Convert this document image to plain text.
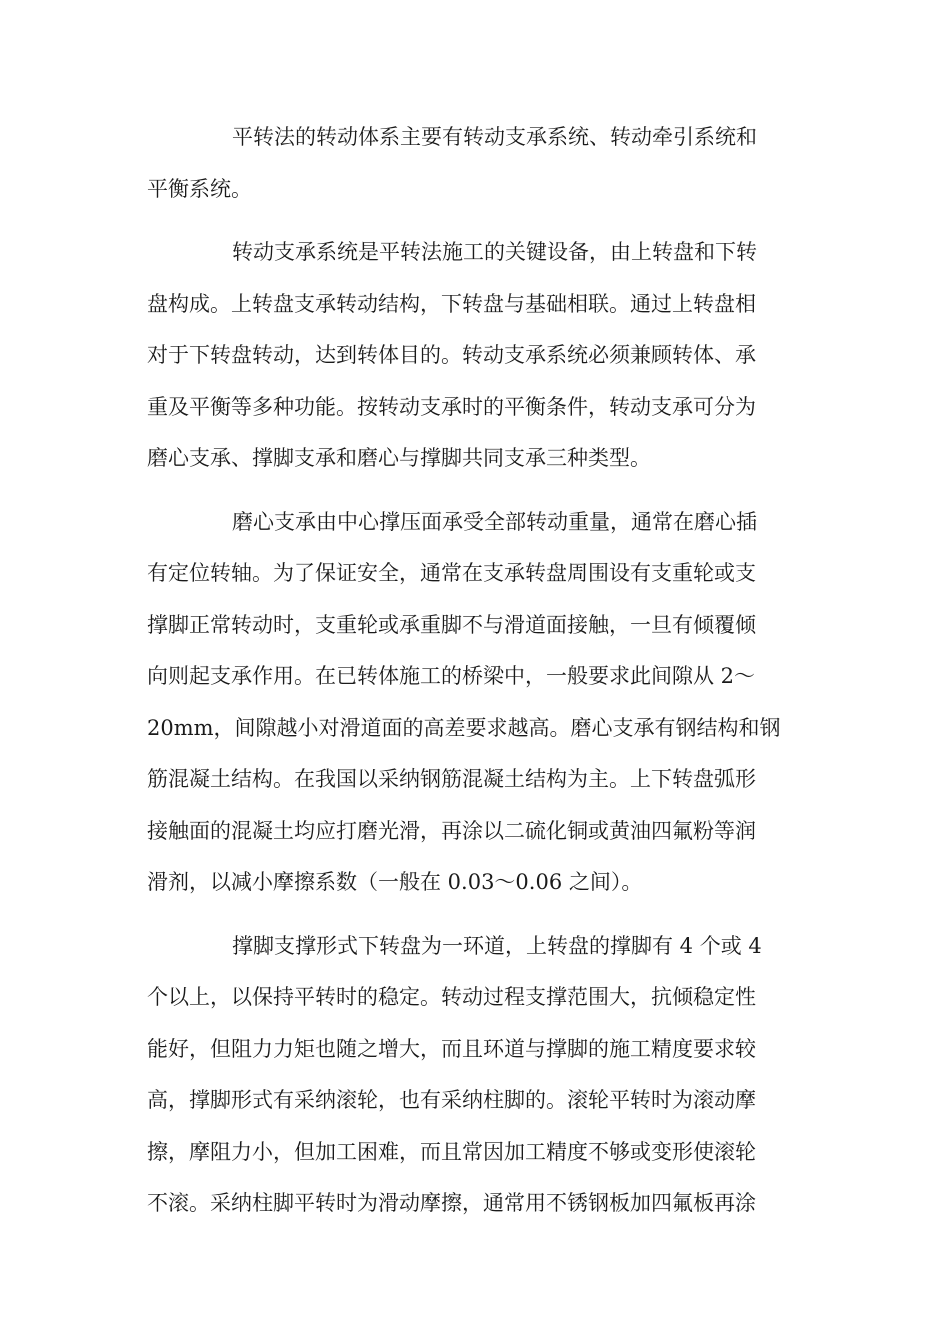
平转法的转动体系主要有转动支承系统、转动牵引系统和
平衡系统。
转动支承系统是平转法施工的关键设备，由上转盘和下转
盘构成。上转盘支承转动结构，下转盘与基础相联。通过上转盘相
对于下转盘转动，达到转体目的。转动支承系统必须兼顾转体、承
重及平衡等多种功能。按转动支承时的平衡条件，转动支承可分为
磨心支承、撑脚支承和磨心与撑脚共同支承三种类型。
磨心支承由中心撑压面承受全部转动重量，通常在磨心插
有定位转轴。为了保证安全，通常在支承转盘周围设有支重轮或支
撑脚正常转动时，支重轮或承重脚不与滑道面接触，一旦有倾覆倾
向则起支承作用。在已转体施工的桥梁中，一般要求此间隙从 2～
20mm，间隙越小对滑道面的高差要求越高。磨心支承有钢结构和钢
筋混凝土结构。在我国以采纳钢筋混凝土结构为主。上下转盘弧形
接触面的混凝土均应打磨光滑，再涂以二硫化铜或黄油四氟粉等润
滑剂，以减小摩擦系数（一般在 0.03～0.06 之间）。
撑脚支撑形式下转盘为一环道，上转盘的撑脚有 4 个或 4
个以上，以保持平转时的稳定。转动过程支撑范围大，抗倾稳定性
能好，但阻力力矩也随之增大，而且环道与撑脚的施工精度要求较
高，撑脚形式有采纳滚轮，也有采纳柱脚的。滚轮平转时为滚动摩
擦，摩阻力小，但加工困难，而且常因加工精度不够或变形使滚轮
不滚。采纳柱脚平转时为滑动摩擦，通常用不锈钢板加四氟板再涂
